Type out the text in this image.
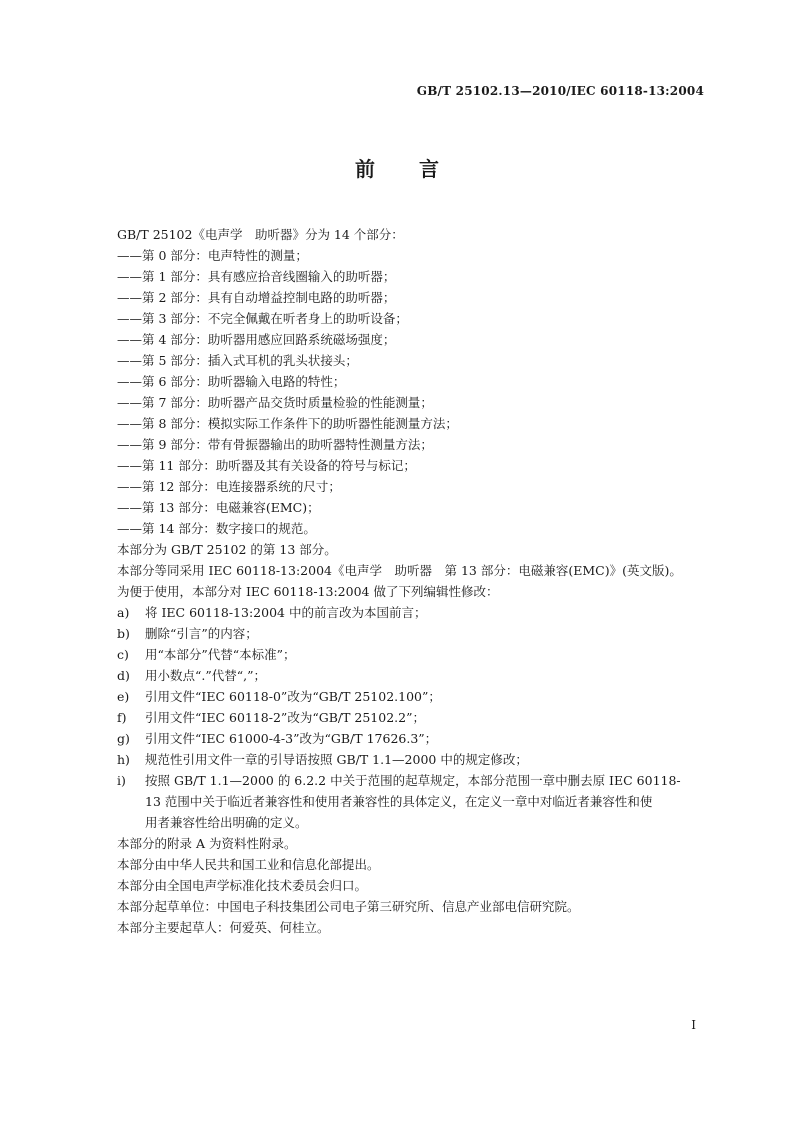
GB/T 25102.13—2010/IEC 60118-13:2004
前言
GB/T 25102《电声学　助听器》分为 14 个部分：
——第 0 部分：电声特性的测量；
——第 1 部分：具有感应拾音线圈输入的助听器；
——第 2 部分：具有自动增益控制电路的助听器；
——第 3 部分：不完全佩戴在听者身上的助听设备；
——第 4 部分：助听器用感应回路系统磁场强度；
——第 5 部分：插入式耳机的乳头状接头；
——第 6 部分：助听器输入电路的特性；
——第 7 部分：助听器产品交货时质量检验的性能测量；
——第 8 部分：模拟实际工作条件下的助听器性能测量方法；
——第 9 部分：带有骨振器输出的助听器特性测量方法；
——第 11 部分：助听器及其有关设备的符号与标记；
——第 12 部分：电连接器系统的尺寸；
——第 13 部分：电磁兼容(EMC)；
——第 14 部分：数字接口的规范。
本部分为 GB/T 25102 的第 13 部分。
本部分等同采用 IEC 60118-13:2004《电声学　助听器　第 13 部分：电磁兼容(EMC)》(英文版)。
为便于使用，本部分对 IEC 60118-13:2004 做了下列编辑性修改：
a)	将 IEC 60118-13:2004 中的前言改为本国前言；
b)	删除“引言”的内容；
c)	用“本部分”代替“本标准”；
d)	用小数点“.”代替“,”；
e)	引用文件“IEC 60118-0”改为“GB/T 25102.100”；
f)	引用文件“IEC 60118-2”改为“GB/T 25102.2”；
g)	引用文件“IEC 61000-4-3”改为“GB/T 17626.3”；
h)	规范性引用文件一章的引导语按照 GB/T 1.1—2000 中的规定修改；
i)	按照 GB/T 1.1—2000 的 6.2.2 中关于范围的起草规定，本部分范围一章中删去原 IEC 60118-
13 范围中关于临近者兼容性和使用者兼容性的具体定义，在定义一章中对临近者兼容性和使
用者兼容性给出明确的定义。
本部分的附录 A 为资料性附录。
本部分由中华人民共和国工业和信息化部提出。
本部分由全国电声学标准化技术委员会归口。
本部分起草单位：中国电子科技集团公司电子第三研究所、信息产业部电信研究院。
本部分主要起草人：何爱英、何桂立。
I
